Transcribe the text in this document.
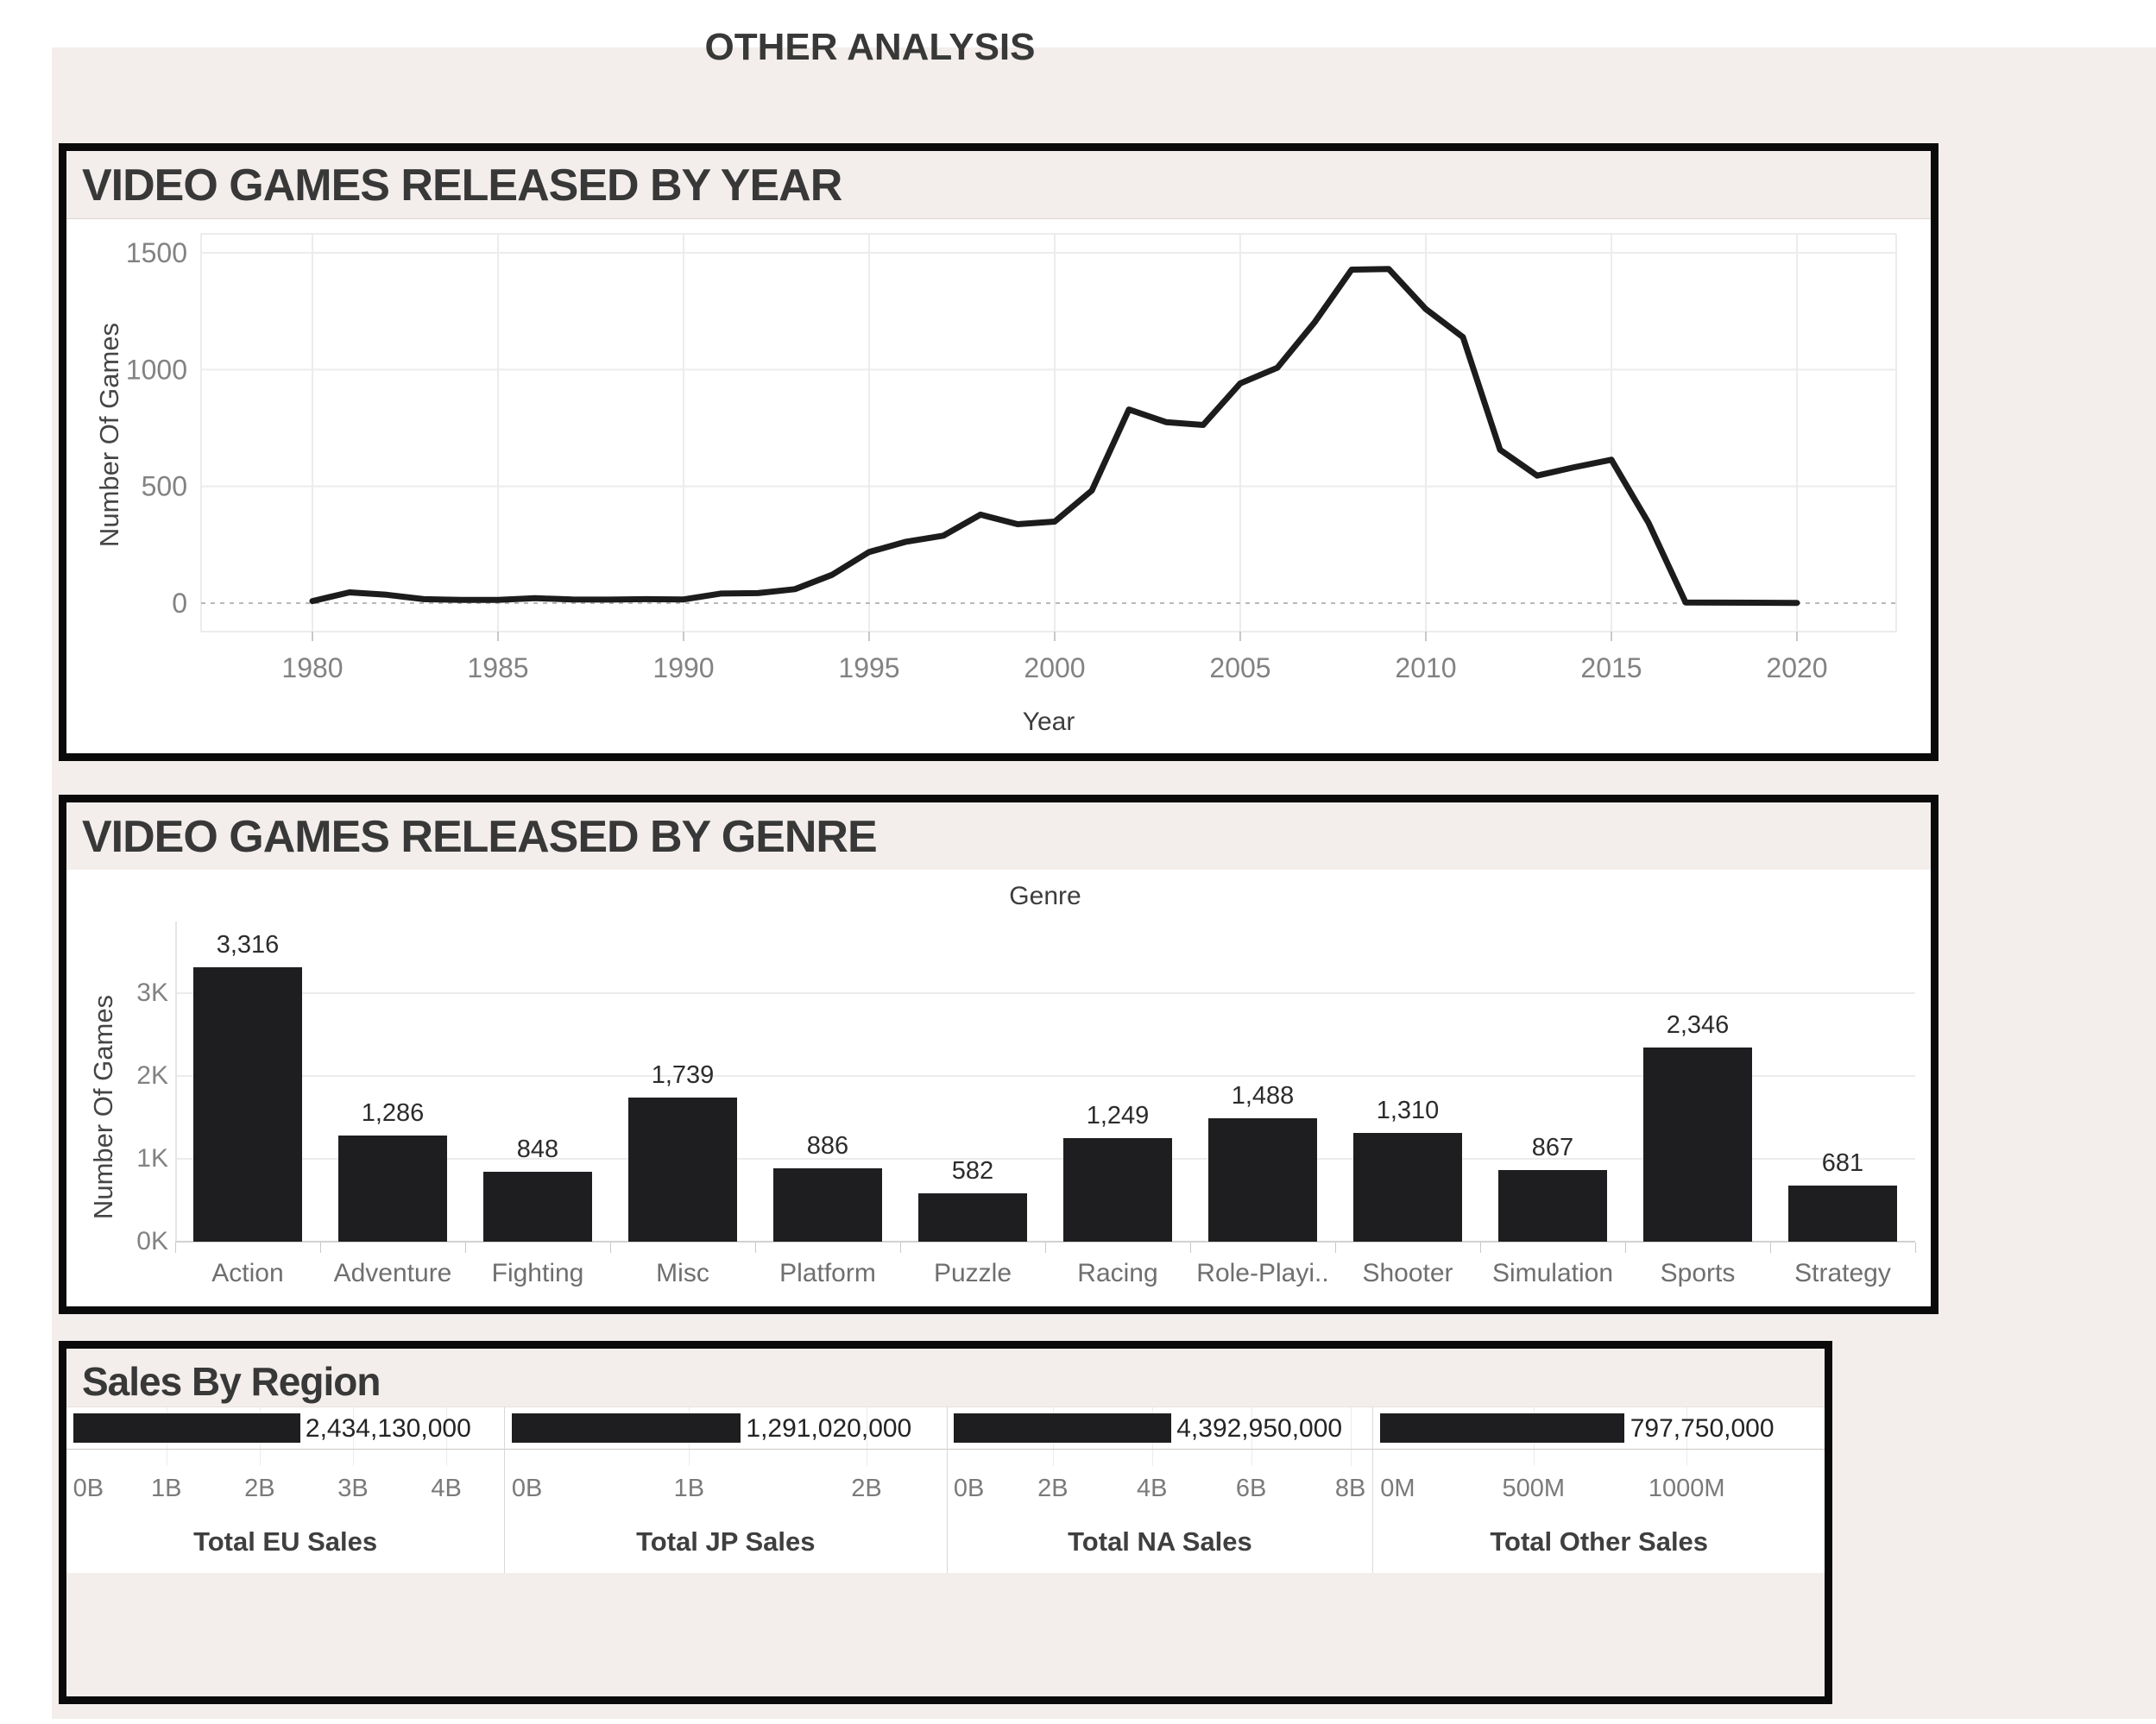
OTHER ANALYSIS
VIDEO GAMES RELEASED BY YEAR
Number Of Games
1980	1985	1990	1995	2000	2005	2010	2015	2020
0
500
1000
1500
Year
VIDEO GAMES RELEASED BY GENRE
Genre
Number Of Games
0K
1K
2K
3K
3,316
Action
1,286
Adventure
848
Fighting
1,739
Misc
886
Platform
582
Puzzle
1,249
Racing
1,488
Role-Playi..
1,310
Shooter
867
Simulation
2,346
Sports
681
Strategy
Sales By Region
2,434,130,000
0B 1B	2B	3B	4B
Total EU Sales
1,291,020,000
0B	1B	2B
Total JP Sales
4,392,950,000
0B 2B	4B	6B	8B
Total NA Sales
797,750,000
0M	500M	1000M
Total Other Sales
